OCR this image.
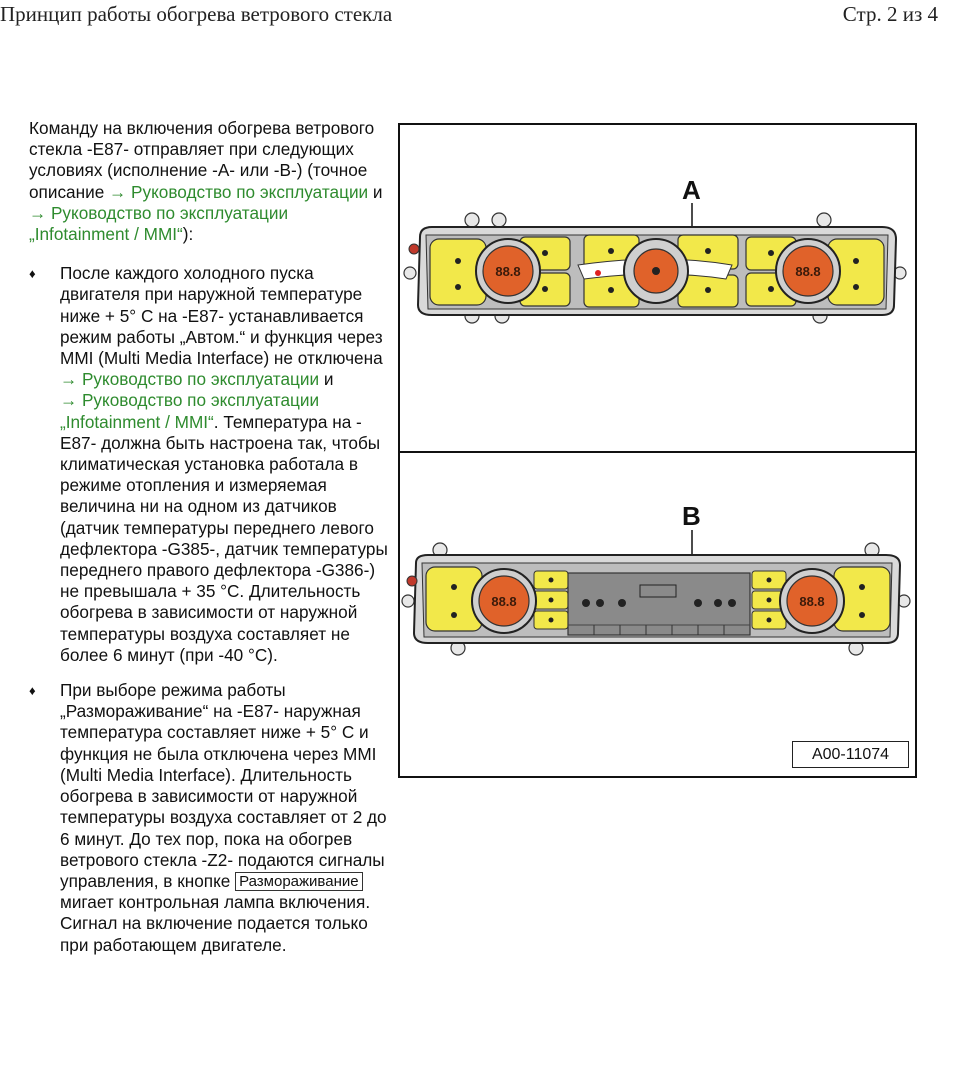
Принцип работы обогрева ветрового стекла	Стр. 2 из 4

Команду на включения обогрева ветрового стекла -E87- отправляет при следующих условиях (исполнение -A- или -B-) (точное описание → Руководство по эксплуатации и
→ Руководство по эксплуатации „Infotainment / MMI“):

♦ После каждого холодного пуска двигателя при наружной температуре ниже + 5° C на -E87- устанавливается режим работы „Автом.“ и функция через MMI (Multi Media Interface) не отключена
→ Руководство по эксплуатации и
→ Руководство по эксплуатации „Infotainment / MMI“. Температура на -E87- должна быть настроена так, чтобы климатическая установка работала в режиме отопления и измеряемая величина ни на одном из датчиков (датчик температуры переднего левого дефлектора -G385-, датчик температуры переднего правого дефлектора -G386-) не превышала + 35 °C. Длительность обогрева в зависимости от наружной температуры воздуха составляет не более 6 минут (при -40 °C).
♦ При выборе режима работы „Размораживание“ на -E87- наружная температура составляет ниже + 5° C и функция не была отключена через MMI (Multi Media Interface). Длительность обогрева в зависимости от наружной температуры воздуха составляет от 2 до 6 минут. До тех пор, пока на обогрев ветрового стекла -Z2- подаются сигналы управления, в кнопке Размораживание мигает контрольная лампа включения. Сигнал на включение подается только при работающем двигателе.
A
B
88.8	88.8
88.8	88.8
A00-11074
